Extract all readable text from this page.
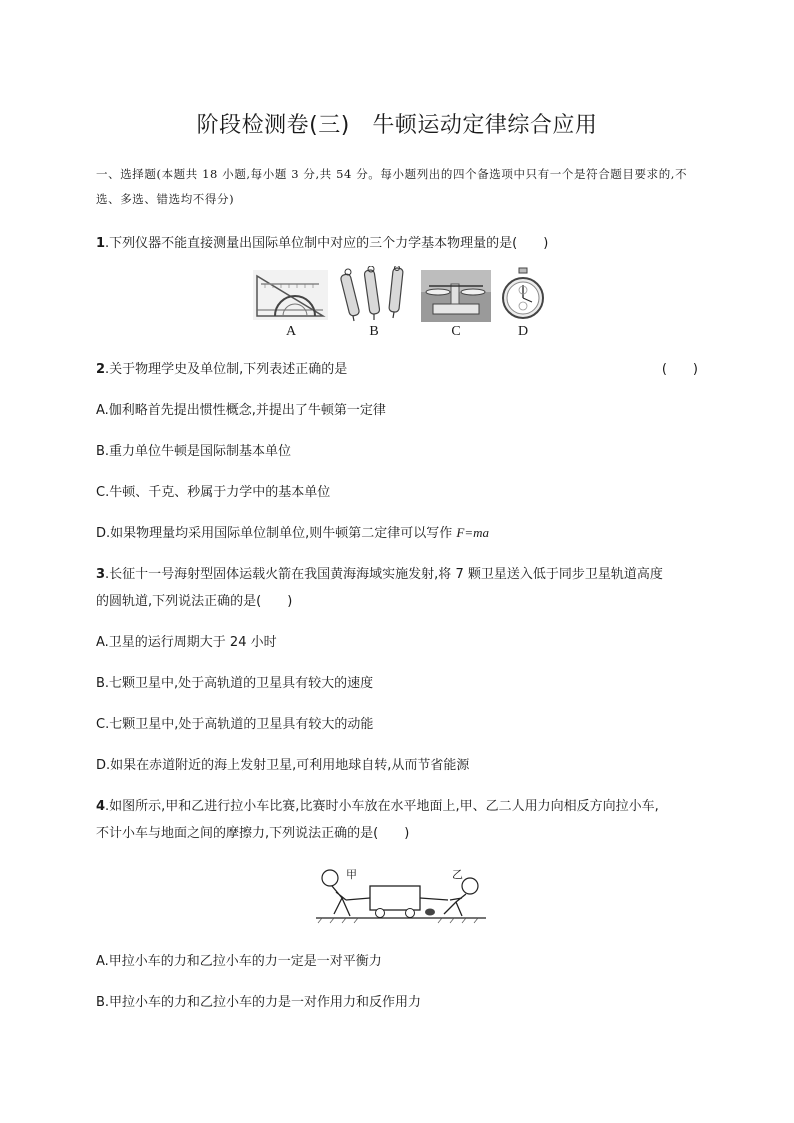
阶段检测卷(三)　牛顿运动定律综合应用
一、选择题(本题共 18 小题,每小题 3 分,共 54 分。每小题列出的四个备选项中只有一个是符合题目要求的,不选、多选、错选均不得分)
1.下列仪器不能直接测量出国际单位制中对应的三个力学基本物理量的是(　　)
A	B	C	D
2.关于物理学史及单位制,下列表述正确的是	(　　)
A.伽利略首先提出惯性概念,并提出了牛顿第一定律
B.重力单位牛顿是国际制基本单位
C.牛顿、千克、秒属于力学中的基本单位
D.如果物理量均采用国际单位制单位,则牛顿第二定律可以写作 F=ma
3.长征十一号海射型固体运载火箭在我国黄海海域实施发射,将 7 颗卫星送入低于同步卫星轨道高度
的圆轨道,下列说法正确的是(　　)
A.卫星的运行周期大于 24 小时
B.七颗卫星中,处于高轨道的卫星具有较大的速度
C.七颗卫星中,处于高轨道的卫星具有较大的动能
D.如果在赤道附近的海上发射卫星,可利用地球自转,从而节省能源
4.如图所示,甲和乙进行拉小车比赛,比赛时小车放在水平地面上,甲、乙二人用力向相反方向拉小车,
不计小车与地面之间的摩擦力,下列说法正确的是(　　)
甲	乙
A.甲拉小车的力和乙拉小车的力一定是一对平衡力
B.甲拉小车的力和乙拉小车的力是一对作用力和反作用力
